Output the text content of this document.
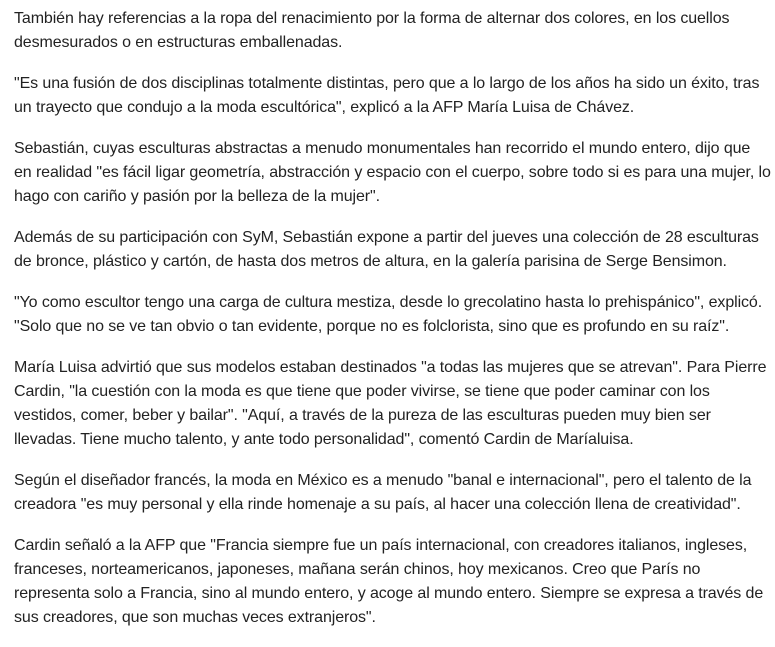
También hay referencias a la ropa del renacimiento por la forma de alternar dos colores, en los cuellos desmesurados o en estructuras emballenadas.

"Es una fusión de dos disciplinas totalmente distintas, pero que a lo largo de los años ha sido un éxito, tras un trayecto que condujo a la moda escultórica", explicó a la AFP María Luisa de Chávez.

Sebastián, cuyas esculturas abstractas a menudo monumentales han recorrido el mundo entero, dijo que en realidad "es fácil ligar geometría, abstracción y espacio con el cuerpo, sobre todo si es para una mujer, lo hago con cariño y pasión por la belleza de la mujer".

Además de su participación con SyM, Sebastián expone a partir del jueves una colección de 28 esculturas de bronce, plástico y cartón, de hasta dos metros de altura, en la galería parisina de Serge Bensimon.

"Yo como escultor tengo una carga de cultura mestiza, desde lo grecolatino hasta lo prehispánico", explicó. "Solo que no se ve tan obvio o tan evidente, porque no es folclorista, sino que es profundo en su raíz".

María Luisa advirtió que sus modelos estaban destinados "a todas las mujeres que se atrevan". Para Pierre Cardin, "la cuestión con la moda es que tiene que poder vivirse, se tiene que poder caminar con los vestidos, comer, beber y bailar". "Aquí, a través de la pureza de las esculturas pueden muy bien ser llevadas. Tiene mucho talento, y ante todo personalidad", comentó Cardin de Maríaluisa.

Según el diseñador francés, la moda en México es a menudo "banal e internacional", pero el talento de la creadora "es muy personal y ella rinde homenaje a su país, al hacer una colección llena de creatividad".

Cardin señaló a la AFP que "Francia siempre fue un país internacional, con creadores italianos, ingleses, franceses, norteamericanos, japoneses, mañana serán chinos, hoy mexicanos. Creo que París no representa solo a Francia, sino al mundo entero, y acoge al mundo entero. Siempre se expresa a través de sus creadores, que son muchas veces extranjeros".
